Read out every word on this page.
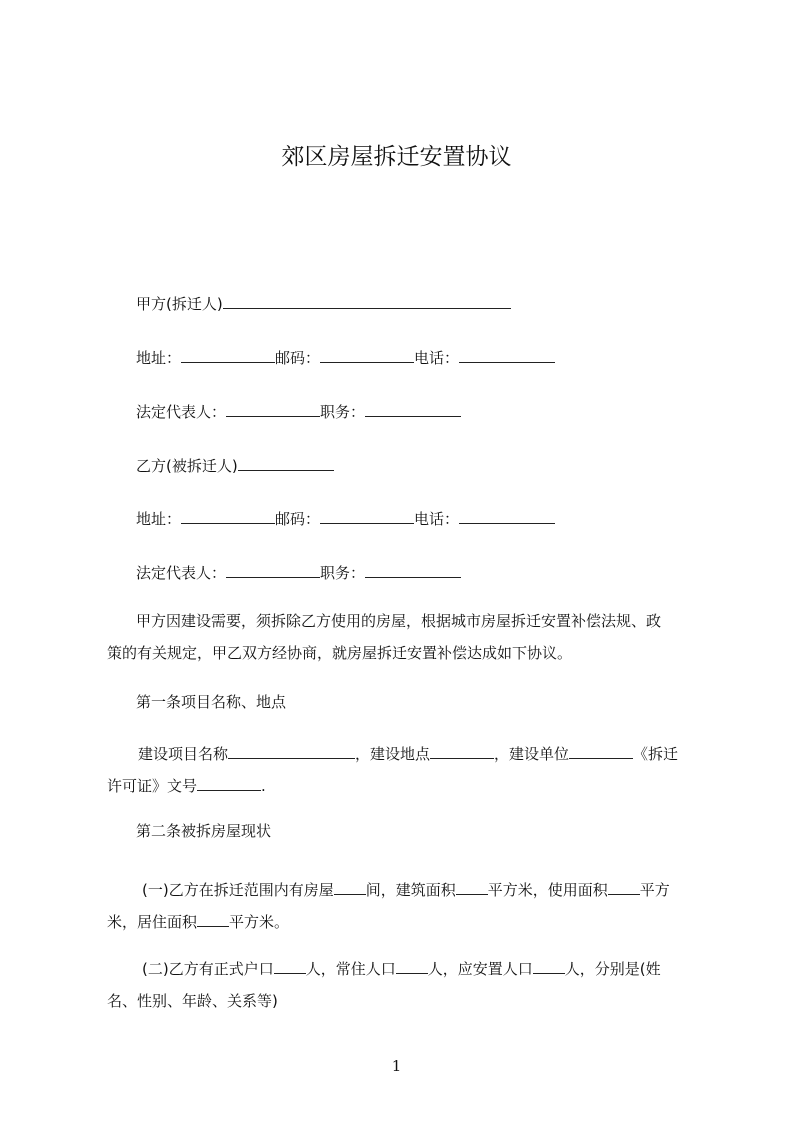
郊区房屋拆迁安置协议
甲方(拆迁人)
地址：	邮码：	电话：
法定代表人：	职务：
乙方(被拆迁人)
地址：	邮码：	电话：
法定代表人：	职务：
甲方因建设需要，须拆除乙方使用的房屋，根据城市房屋拆迁安置补偿法规、政
策的有关规定，甲乙双方经协商，就房屋拆迁安置补偿达成如下协议。
第一条项目名称、地点
建设项目名称	，建设地点	，建设单位	《拆迁
许可证》文号	.
第二条被拆房屋现状
(一)乙方在拆迁范围内有房屋 间，建筑面积 平方米，使用面积 平方
米，居住面积 平方米。
(二)乙方有正式户口 人，常住人口 人，应安置人口 人，分别是(姓
名、性别、年龄、关系等)
1
